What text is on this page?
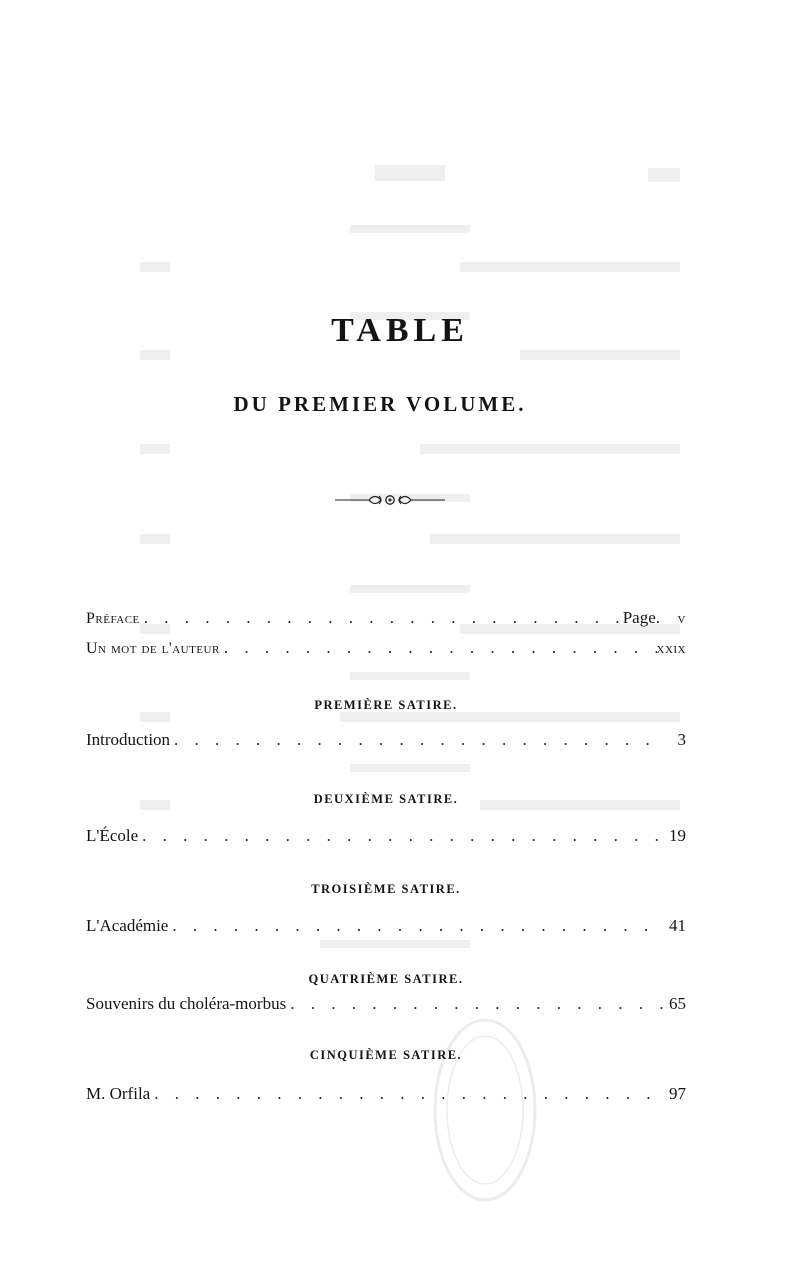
TABLE
DU PREMIER VOLUME.
Préface . . .	Page.	v
Un mot de l'auteur . . .	xxix
PREMIÈRE SATIRE.
Introduction . . .	3
DEUXIÈME SATIRE.
L'École . . .	19
TROISIÈME SATIRE.
L'Académie . . .	41
QUATRIÈME SATIRE.
Souvenirs du choléra-morbus . . .	65
CINQUIÈME SATIRE.
M. Orfila . . .	97
